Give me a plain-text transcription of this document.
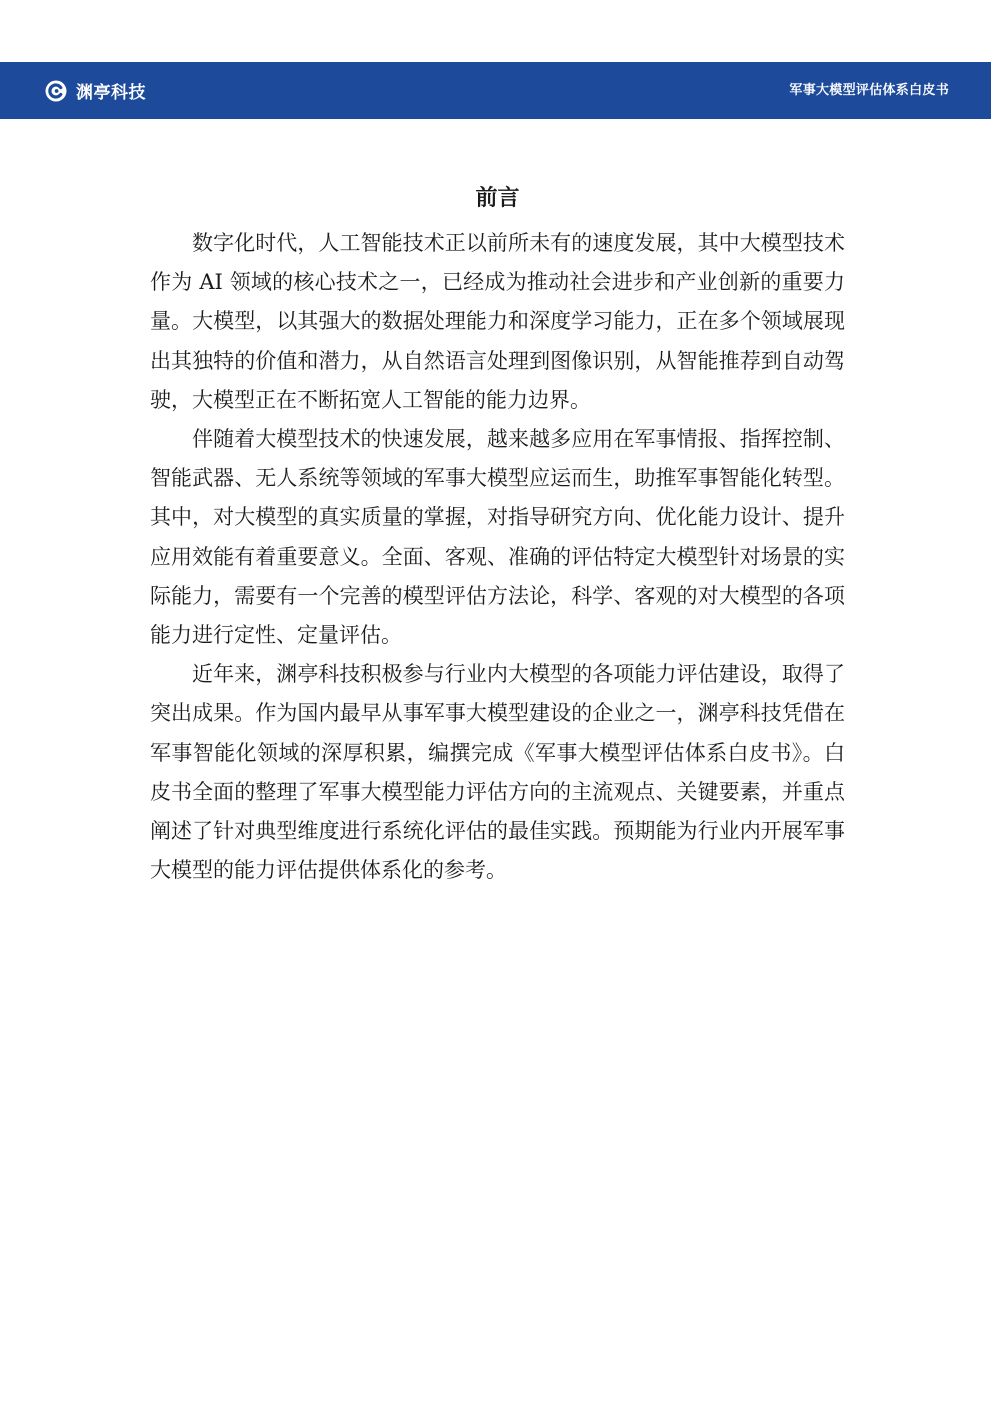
渊亭科技	军事大模型评估体系白皮书
前言

数字化时代，人工智能技术正以前所未有的速度发展，其中大模型技术作为 AI 领域的核心技术之一，已经成为推动社会进步和产业创新的重要力量。大模型，以其强大的数据处理能力和深度学习能力，正在多个领域展现出其独特的价值和潜力，从自然语言处理到图像识别，从智能推荐到自动驾驶，大模型正在不断拓宽人工智能的能力边界。

伴随着大模型技术的快速发展，越来越多应用在军事情报、指挥控制、智能武器、无人系统等领域的军事大模型应运而生，助推军事智能化转型。其中，对大模型的真实质量的掌握，对指导研究方向、优化能力设计、提升应用效能有着重要意义。全面、客观、准确的评估特定大模型针对场景的实际能力，需要有一个完善的模型评估方法论，科学、客观的对大模型的各项能力进行定性、定量评估。

近年来，渊亭科技积极参与行业内大模型的各项能力评估建设，取得了突出成果。作为国内最早从事军事大模型建设的企业之一，渊亭科技凭借在军事智能化领域的深厚积累，编撰完成《军事大模型评估体系白皮书》。白皮书全面的整理了军事大模型能力评估方向的主流观点、关键要素，并重点阐述了针对典型维度进行系统化评估的最佳实践。预期能为行业内开展军事大模型的能力评估提供体系化的参考。
